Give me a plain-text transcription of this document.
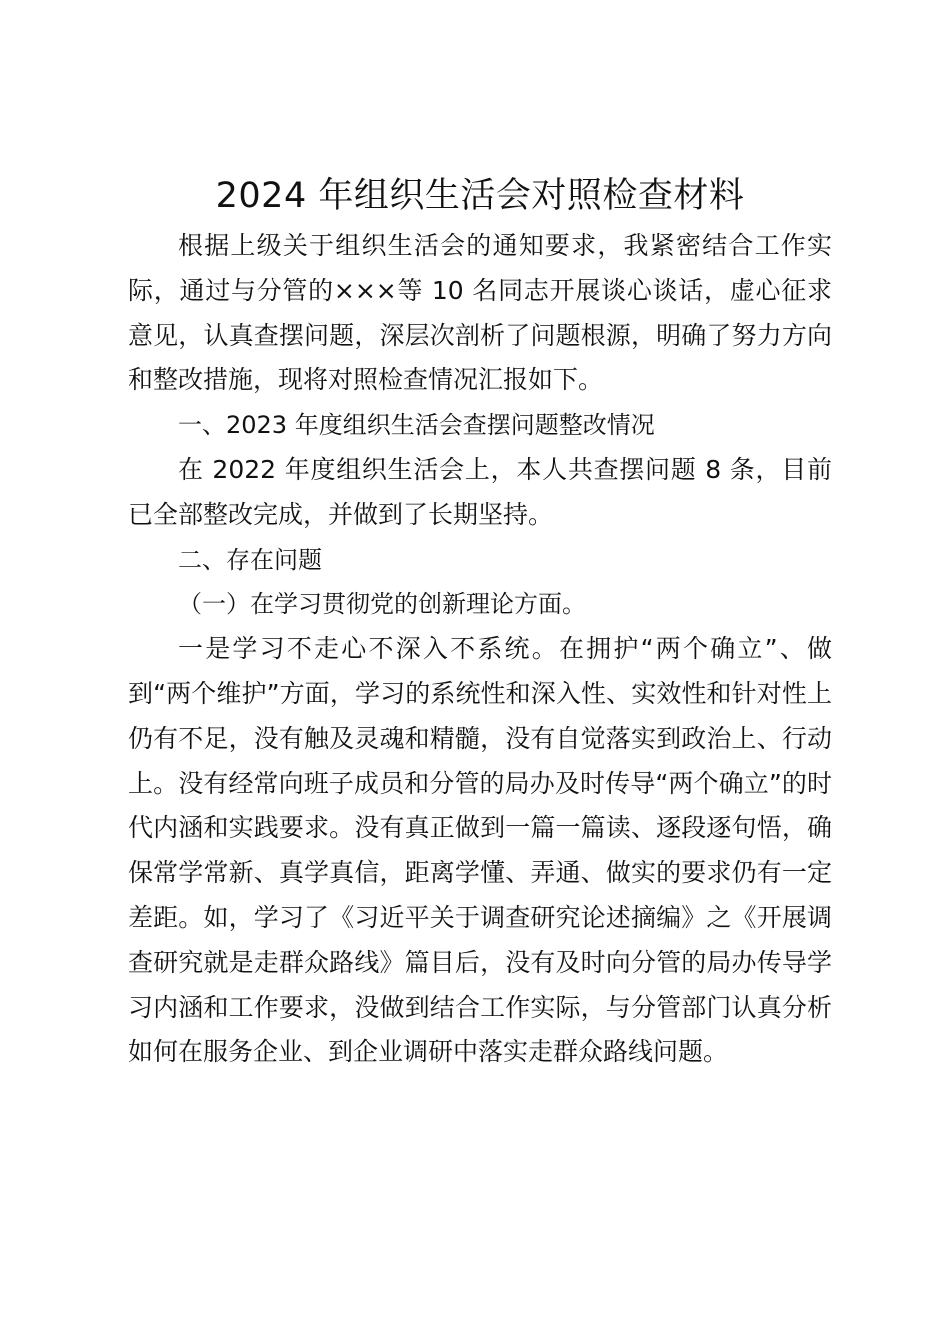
2024 年组织生活会对照检查材料

根据上级关于组织生活会的通知要求，我紧密结合工作实际，通过与分管的×××等 10 名同志开展谈心谈话，虚心征求意见，认真查摆问题，深层次剖析了问题根源，明确了努力方向和整改措施，现将对照检查情况汇报如下。

一、2023 年度组织生活会查摆问题整改情况

在 2022 年度组织生活会上，本人共查摆问题 8 条，目前已全部整改完成，并做到了长期坚持。

二、存在问题

（一）在学习贯彻党的创新理论方面。

一是学习不走心不深入不系统。在拥护“两个确立”、做到“两个维护”方面，学习的系统性和深入性、实效性和针对性上仍有不足，没有触及灵魂和精髓，没有自觉落实到政治上、行动上。没有经常向班子成员和分管的局办及时传导“两个确立”的时代内涵和实践要求。没有真正做到一篇一篇读、逐段逐句悟，确保常学常新、真学真信，距离学懂、弄通、做实的要求仍有一定差距。如，学习了《习近平关于调查研究论述摘编》之《开展调查研究就是走群众路线》篇目后，没有及时向分管的局办传导学习内涵和工作要求，没做到结合工作实际，与分管部门认真分析如何在服务企业、到企业调研中落实走群众路线问题。
